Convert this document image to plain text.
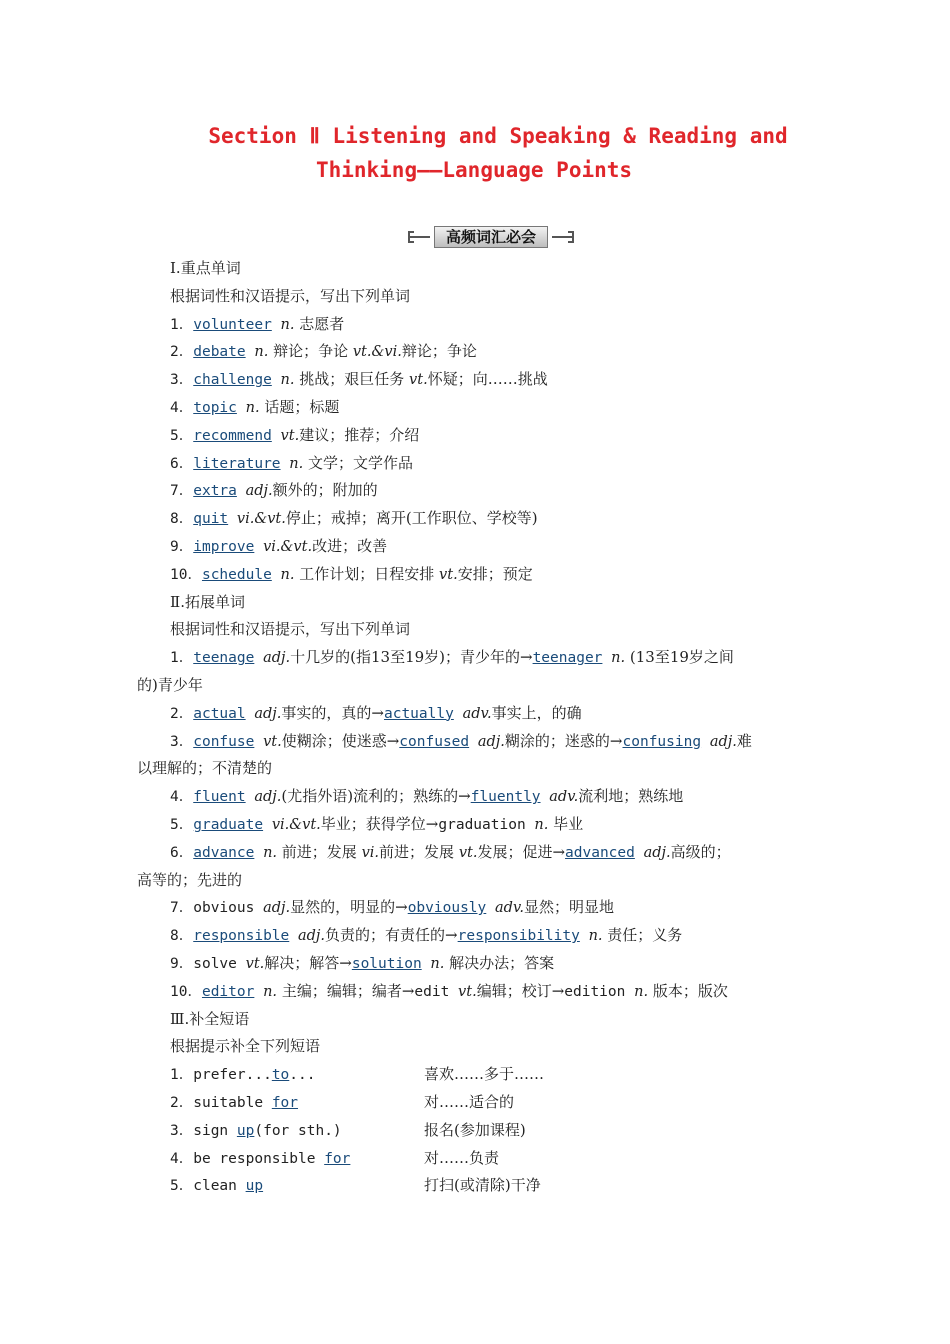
Section Ⅱ Listening and Speaking & Reading and
Thinking——Language Points
高频词汇必会
Ⅰ.重点单词
根据词性和汉语提示，写出下列单词
1．volunteer n. 志愿者
2．debate n. 辩论；争论 vt.&vi.辩论；争论
3．challenge n. 挑战；艰巨任务 vt.怀疑；向……挑战
4．topic n. 话题；标题
5．recommend vt.建议；推荐；介绍
6．literature n. 文学；文学作品
7．extra adj.额外的；附加的
8．quit vi.&vt.停止；戒掉；离开(工作职位、学校等)
9．improve vi.&vt.改进；改善
10．schedule n. 工作计划；日程安排 vt.安排；预定
Ⅱ.拓展单词
根据词性和汉语提示，写出下列单词
1．teenage adj.十几岁的(指13至19岁)；青少年的→teenager n. (13至19岁之间
的)青少年
2．actual adj.事实的，真的→actually adv.事实上，的确
3．confuse vt.使糊涂；使迷惑→confused adj.糊涂的；迷惑的→confusing adj.难
以理解的；不清楚的
4．fluent adj.(尤指外语)流利的；熟练的→fluently adv.流利地；熟练地
5．graduate vi.&vt.毕业；获得学位→graduation n. 毕业
6．advance n. 前进；发展 vi.前进；发展 vt.发展；促进→advanced adj.高级的；
高等的；先进的
7．obvious adj.显然的，明显的→obviously adv.显然；明显地
8．responsible adj.负责的；有责任的→responsibility n. 责任；义务
9．solve vt.解决；解答→solution n. 解决办法；答案
10．editor n. 主编；编辑；编者→edit vt.编辑；校订→edition n. 版本；版次
Ⅲ.补全短语
根据提示补全下列短语
1．prefer...to...	喜欢……多于……
2．suitable for	对……适合的
3．sign up(for sth.)	报名(参加课程)
4．be responsible for	对……负责
5．clean up	打扫(或清除)干净
